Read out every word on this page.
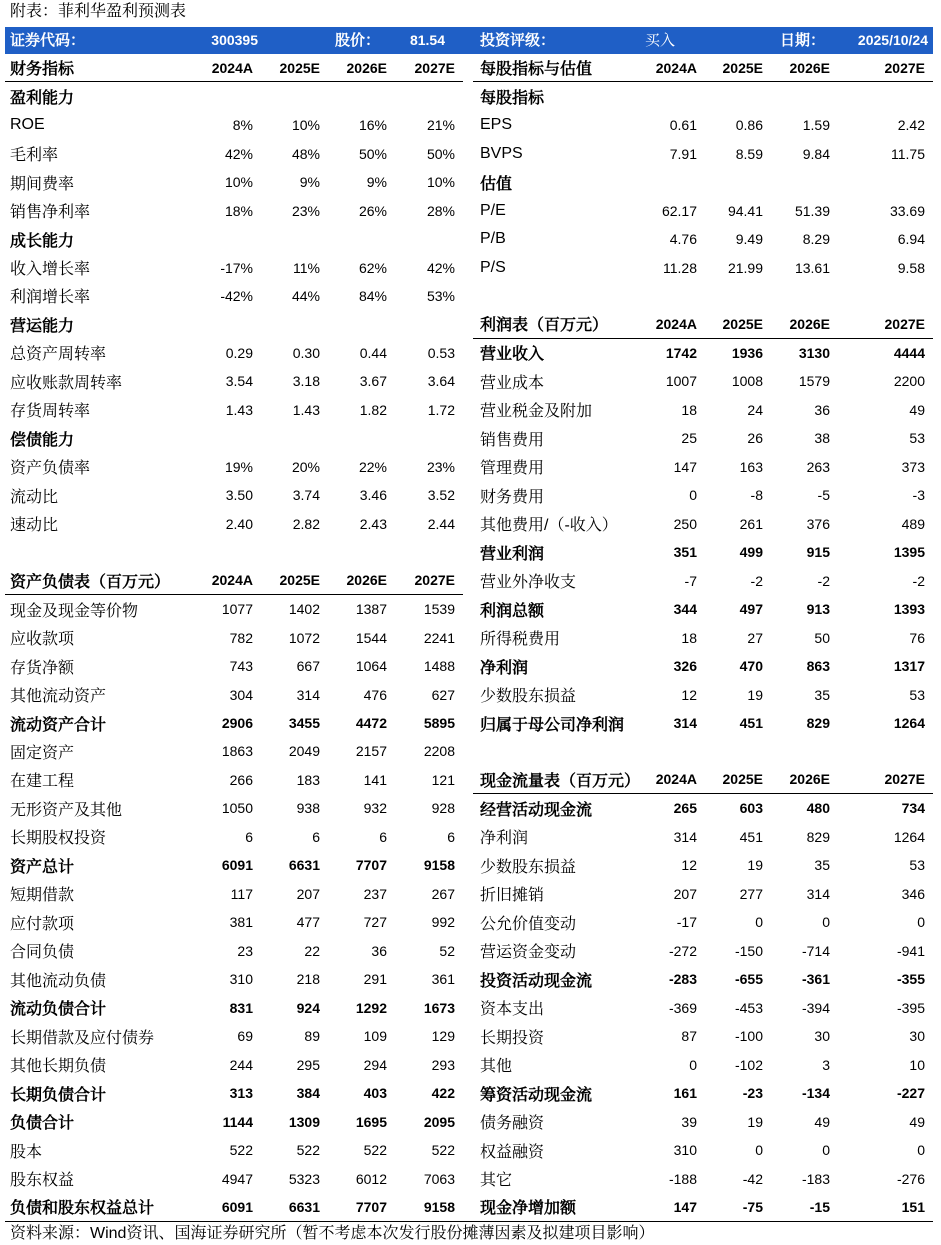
附表：菲利华盈利预测表
证券代码：	300395	股价：	81.54 投资评级：	买入	日期：	2025/10/24
财务指标	2024A	2025E	2026E	2027E
盈利能力
ROE	8%	10%	16%	21%
毛利率	42%	48%	50%	50%
期间费率	10%	9%	9%	10%
销售净利率	18%	23%	26%	28%
成长能力
收入增长率	-17%	11%	62%	42%
利润增长率	-42%	44%	84%	53%
营运能力
总资产周转率	0.29	0.30	0.44	0.53
应收账款周转率	3.54	3.18	3.67	3.64
存货周转率	1.43	1.43	1.82	1.72
偿债能力
资产负债率	19%	20%	22%	23%
流动比	3.50	3.74	3.46	3.52
速动比	2.40	2.82	2.43	2.44
资产负债表（百万元）	2024A	2025E	2026E	2027E
现金及现金等价物	1077	1402	1387	1539
应收款项	782	1072	1544	2241
存货净额	743	667	1064	1488
其他流动资产	304	314	476	627
流动资产合计	2906	3455	4472	5895
固定资产	1863	2049	2157	2208
在建工程	266	183	141	121
无形资产及其他	1050	938	932	928
长期股权投资	6	6	6	6
资产总计	6091	6631	7707	9158
短期借款	117	207	237	267
应付款项	381	477	727	992
合同负债	23	22	36	52
其他流动负债	310	218	291	361
流动负债合计	831	924	1292	1673
长期借款及应付债券	69	89	109	129
其他长期负债	244	295	294	293
长期负债合计	313	384	403	422
负债合计	1144	1309	1695	2095
股本	522	522	522	522
股东权益	4947	5323	6012	7063
负债和股东权益总计	6091	6631	7707	9158
每股指标与估值	2024A	2025E	2026E	2027E
每股指标
EPS	0.61	0.86	1.59	2.42
BVPS	7.91	8.59	9.84	11.75
估值
P/E	62.17	94.41	51.39	33.69
P/B	4.76	9.49	8.29	6.94
P/S	11.28	21.99	13.61	9.58
利润表（百万元）	2024A	2025E	2026E	2027E
营业收入	1742	1936	3130	4444
营业成本	1007	1008	1579	2200
营业税金及附加	18	24	36	49
销售费用	25	26	38	53
管理费用	147	163	263	373
财务费用	0	-8	-5	-3
其他费用/（-收入）	250	261	376	489
营业利润	351	499	915	1395
营业外净收支	-7	-2	-2	-2
利润总额	344	497	913	1393
所得税费用	18	27	50	76
净利润	326	470	863	1317
少数股东损益	12	19	35	53
归属于母公司净利润	314	451	829	1264
现金流量表（百万元）	2024A	2025E	2026E	2027E
经营活动现金流	265	603	480	734
净利润	314	451	829	1264
少数股东损益	12	19	35	53
折旧摊销	207	277	314	346
公允价值变动	-17	0	0	0
营运资金变动	-272	-150	-714	-941
投资活动现金流	-283	-655	-361	-355
资本支出	-369	-453	-394	-395
长期投资	87	-100	30	30
其他	0	-102	3	10
筹资活动现金流	161	-23	-134	-227
债务融资	39	19	49	49
权益融资	310	0	0	0
其它	-188	-42	-183	-276
现金净增加额	147	-75	-15	151
资料来源：Wind资讯、国海证券研究所（暂不考虑本次发行股份摊薄因素及拟建项目影响）
